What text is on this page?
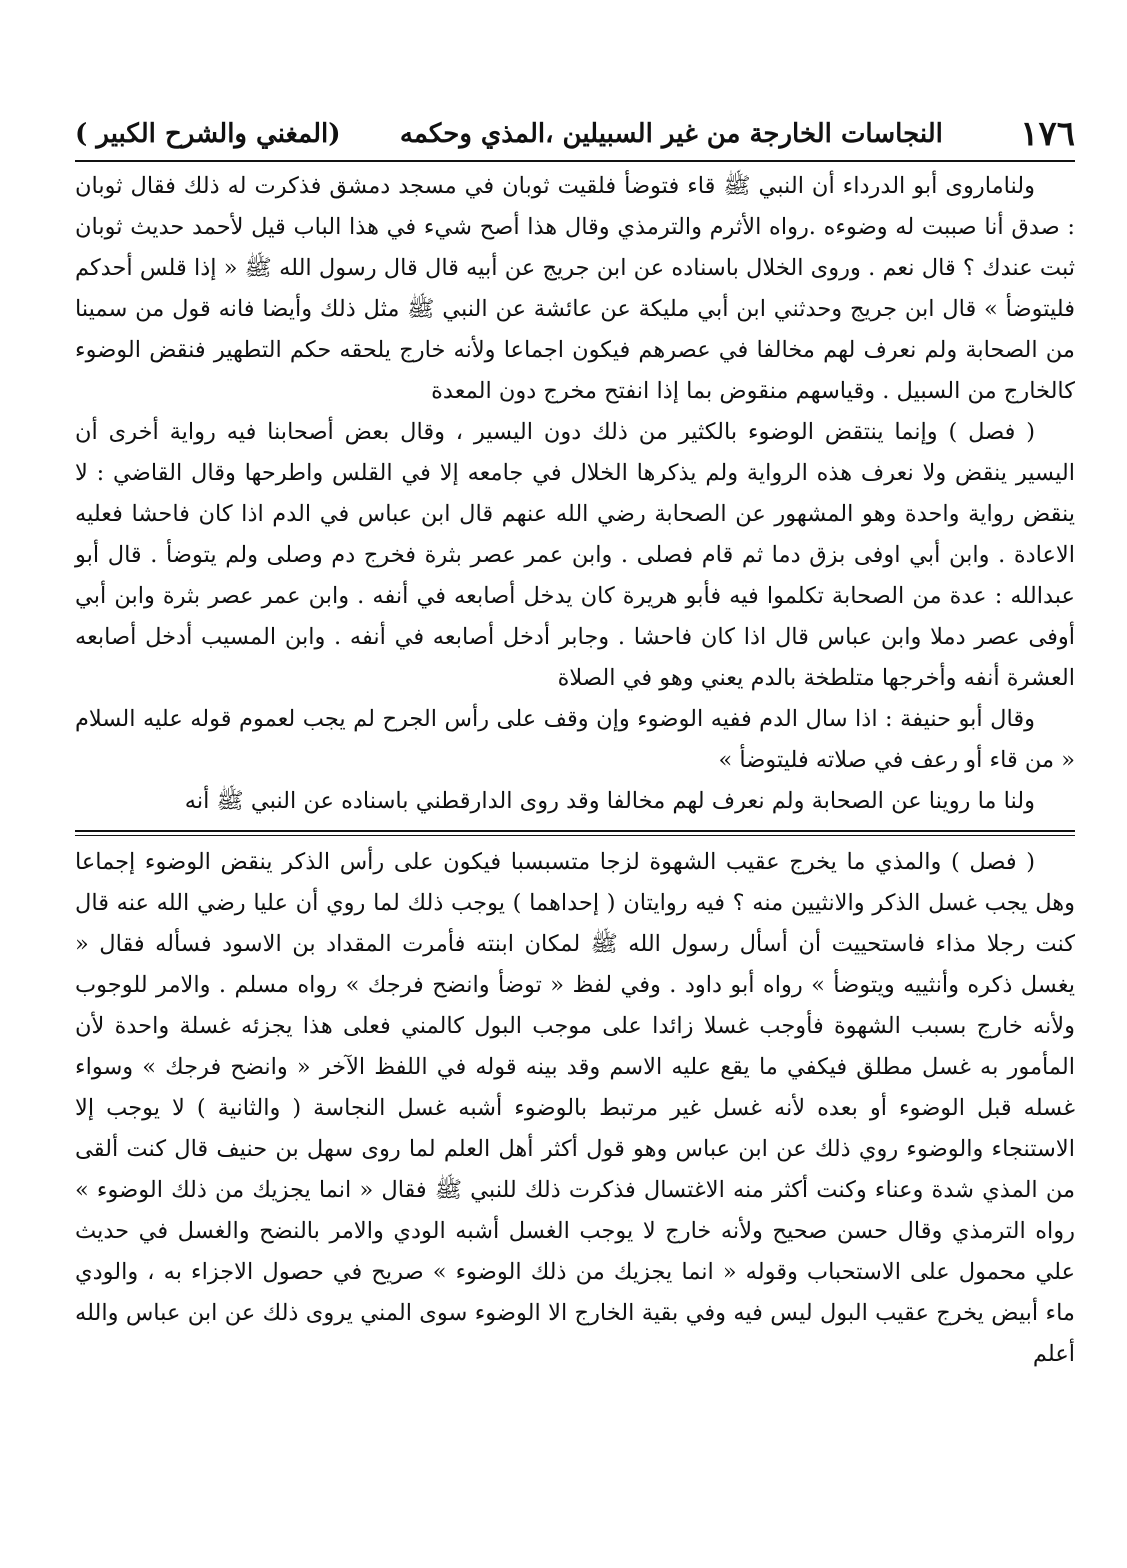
١٧٦
النجاسات الخارجة من غير السبيلين ،المذي وحكمه
(المغني والشرح الكبير )

ولناماروى أبو الدرداء أن النبي ﷺ قاء فتوضأ فلقيت ثوبان في مسجد دمشق فذكرت له ذلك فقال ثوبان : صدق أنا صببت له وضوءه .رواه الأثرم والترمذي وقال هذا أصح شيء في هذا الباب قيل لأحمد حديث ثوبان ثبت عندك ؟ قال نعم . وروى الخلال باسناده عن ابن جريج عن أبيه قال قال رسول الله ﷺ « إذا قلس أحدكم فليتوضأ » قال ابن جريج وحدثني ابن أبي مليكة عن عائشة عن النبي ﷺ مثل ذلك وأيضا فانه قول من سمينا من الصحابة ولم نعرف لهم مخالفا في عصرهم فيكون اجماعا ولأنه خارج يلحقه حكم التطهير فنقض الوضوء كالخارج من السبيل . وقياسهم منقوض بما إذا انفتح مخرج دون المعدة

( فصل ) وإنما ينتقض الوضوء بالكثير من ذلك دون اليسير ، وقال بعض أصحابنا فيه رواية أخرى أن اليسير ينقض ولا نعرف هذه الرواية ولم يذكرها الخلال في جامعه إلا في القلس واطرحها وقال القاضي : لا ينقض رواية واحدة وهو المشهور عن الصحابة رضي الله عنهم قال ابن عباس في الدم اذا كان فاحشا فعليه الاعادة . وابن أبي اوفى بزق دما ثم قام فصلى . وابن عمر عصر بثرة فخرج دم وصلى ولم يتوضأ . قال أبو عبدالله : عدة من الصحابة تكلموا فيه فأبو هريرة كان يدخل أصابعه في أنفه . وابن عمر عصر بثرة وابن أبي أوفى عصر دملا وابن عباس قال اذا كان فاحشا . وجابر أدخل أصابعه في أنفه . وابن المسيب أدخل أصابعه العشرة أنفه وأخرجها متلطخة بالدم يعني وهو في الصلاة

وقال أبو حنيفة : اذا سال الدم ففيه الوضوء وإن وقف على رأس الجرح لم يجب لعموم قوله عليه السلام « من قاء أو رعف في صلاته فليتوضأ »

ولنا ما روينا عن الصحابة ولم نعرف لهم مخالفا وقد روى الدارقطني باسناده عن النبي ﷺ أنه

( فصل ) والمذي ما يخرج عقيب الشهوة لزجا متسبسبا فيكون على رأس الذكر ينقض الوضوء إجماعا وهل يجب غسل الذكر والانثيين منه ؟ فيه روايتان ( إحداهما ) يوجب ذلك لما روي أن عليا رضي الله عنه قال كنت رجلا مذاء فاستحييت أن أسأل رسول الله ﷺ لمكان ابنته فأمرت المقداد بن الاسود فسأله فقال « يغسل ذكره وأنثييه ويتوضأ » رواه أبو داود . وفي لفظ « توضأ وانضح فرجك » رواه مسلم . والامر للوجوب ولأنه خارج بسبب الشهوة فأوجب غسلا زائدا على موجب البول كالمني فعلى هذا يجزئه غسلة واحدة لأن المأمور به غسل مطلق فيكفي ما يقع عليه الاسم وقد بينه قوله في اللفظ الآخر « وانضح فرجك » وسواء غسله قبل الوضوء أو بعده لأنه غسل غير مرتبط بالوضوء أشبه غسل النجاسة ( والثانية ) لا يوجب إلا الاستنجاء والوضوء روي ذلك عن ابن عباس وهو قول أكثر أهل العلم لما روى سهل بن حنيف قال كنت ألقى من المذي شدة وعناء وكنت أكثر منه الاغتسال فذكرت ذلك للنبي ﷺ فقال « انما يجزيك من ذلك الوضوء » رواه الترمذي وقال حسن صحيح ولأنه خارج لا يوجب الغسل أشبه الودي والامر بالنضح والغسل في حديث علي محمول على الاستحباب وقوله « انما يجزيك من ذلك الوضوء » صريح في حصول الاجزاء به ، والودي ماء أبيض يخرج عقيب البول ليس فيه وفي بقية الخارج الا الوضوء سوى المني يروى ذلك عن ابن عباس والله أعلم
